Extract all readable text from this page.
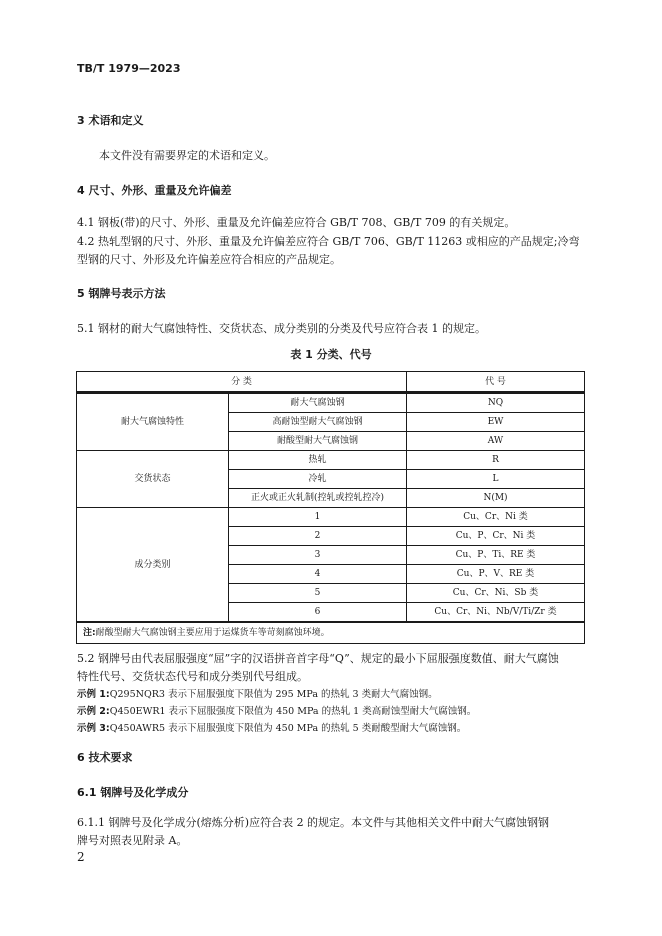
TB/T 1979—2023
3 术语和定义
本文件没有需要界定的术语和定义。
4 尺寸、外形、重量及允许偏差
4.1 钢板(带)的尺寸、外形、重量及允许偏差应符合 GB/T 708、GB/T 709 的有关规定。
4.2 热轧型钢的尺寸、外形、重量及允许偏差应符合 GB/T 706、GB/T 11263 或相应的产品规定;冷弯
型钢的尺寸、外形及允许偏差应符合相应的产品规定。
5 钢牌号表示方法
5.1 钢材的耐大气腐蚀特性、交货状态、成分类别的分类及代号应符合表 1 的规定。
表 1 分类、代号
分 类		代 号

耐大气腐蚀特性	耐大气腐蚀钢	NQ
	高耐蚀型耐大气腐蚀钢	EW
	耐酸型耐大气腐蚀钢	AW
交货状态	热轧	R
	冷轧	L
	正火或正火轧制(控轧或控轧控冷)	N(M)
成分类别	1	Cu、Cr、Ni 类
	2	Cu、P、Cr、Ni 类
	3	Cu、P、Ti、RE 类
	4	Cu、P、V、RE 类
	5	Cu、Cr、Ni、Sb 类
	6	Cu、Cr、Ni、Nb/V/Ti/Zr 类
注:耐酸型耐大气腐蚀钢主要应用于运煤货车等苛刻腐蚀环境。		
5.2 钢牌号由代表屈服强度“屈”字的汉语拼音首字母“Q”、规定的最小下屈服强度数值、耐大气腐蚀
特性代号、交货状态代号和成分类别代号组成。
示例 1:Q295NQR3 表示下屈服强度下限值为 295 MPa 的热轧 3 类耐大气腐蚀钢。
示例 2:Q450EWR1 表示下屈服强度下限值为 450 MPa 的热轧 1 类高耐蚀型耐大气腐蚀钢。
示例 3:Q450AWR5 表示下屈服强度下限值为 450 MPa 的热轧 5 类耐酸型耐大气腐蚀钢。
6 技术要求
6.1 钢牌号及化学成分
6.1.1 钢牌号及化学成分(熔炼分析)应符合表 2 的规定。本文件与其他相关文件中耐大气腐蚀钢钢
牌号对照表见附录 A。
2
